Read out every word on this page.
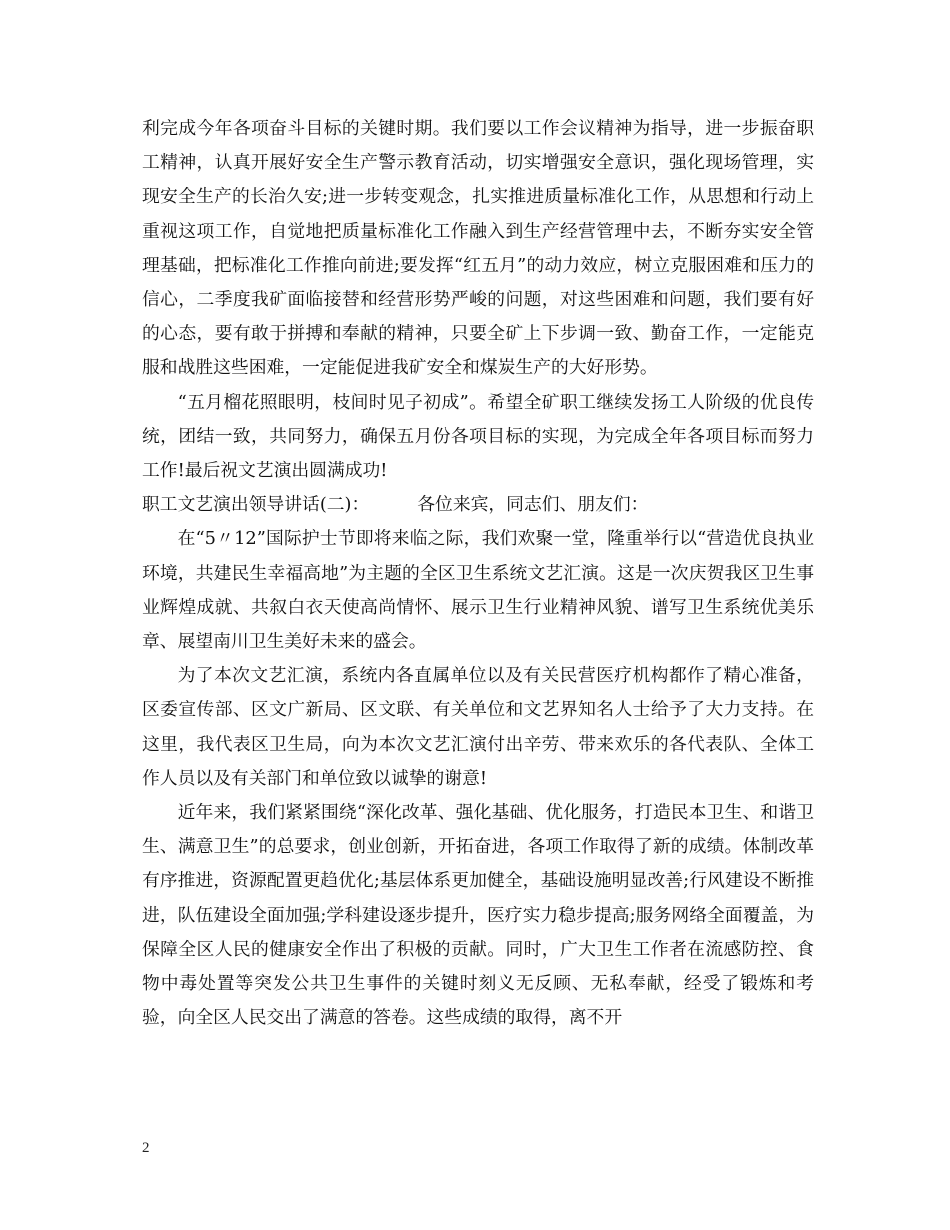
利完成今年各项奋斗目标的关键时期。我们要以工作会议精神为指导，进一步振奋职工精神，认真开展好安全生产警示教育活动，切实增强安全意识，强化现场管理，实现安全生产的长治久安;进一步转变观念，扎实推进质量标准化工作，从思想和行动上重视这项工作，自觉地把质量标准化工作融入到生产经营管理中去，不断夯实安全管理基础，把标准化工作推向前进;要发挥“红五月”的动力效应，树立克服困难和压力的信心，二季度我矿面临接替和经营形势严峻的问题，对这些困难和问题，我们要有好的心态，要有敢于拼搏和奉献的精神，只要全矿上下步调一致、勤奋工作，一定能克服和战胜这些困难，一定能促进我矿安全和煤炭生产的大好形势。

“五月榴花照眼明，枝间时见子初成”。希望全矿职工继续发扬工人阶级的优良传统，团结一致，共同努力，确保五月份各项目标的实现，为完成全年各项目标而努力工作!最后祝文艺演出圆满成功!

职工文艺演出领导讲话(二)：	各位来宾，同志们、朋友们：

在“5〃12”国际护士节即将来临之际，我们欢聚一堂，隆重举行以“营造优良执业环境，共建民生幸福高地”为主题的全区卫生系统文艺汇演。这是一次庆贺我区卫生事业辉煌成就、共叙白衣天使高尚情怀、展示卫生行业精神风貌、谱写卫生系统优美乐章、展望南川卫生美好未来的盛会。

为了本次文艺汇演，系统内各直属单位以及有关民营医疗机构都作了精心准备，区委宣传部、区文广新局、区文联、有关单位和文艺界知名人士给予了大力支持。在这里，我代表区卫生局，向为本次文艺汇演付出辛劳、带来欢乐的各代表队、全体工作人员以及有关部门和单位致以诚挚的谢意!

近年来，我们紧紧围绕“深化改革、强化基础、优化服务，打造民本卫生、和谐卫生、满意卫生”的总要求，创业创新，开拓奋进，各项工作取得了新的成绩。体制改革有序推进，资源配置更趋优化;基层体系更加健全，基础设施明显改善;行风建设不断推进，队伍建设全面加强;学科建设逐步提升，医疗实力稳步提高;服务网络全面覆盖，为保障全区人民的健康安全作出了积极的贡献。同时，广大卫生工作者在流感防控、食物中毒处置等突发公共卫生事件的关键时刻义无反顾、无私奉献，经受了锻炼和考验，向全区人民交出了满意的答卷。这些成绩的取得，离不开

2
